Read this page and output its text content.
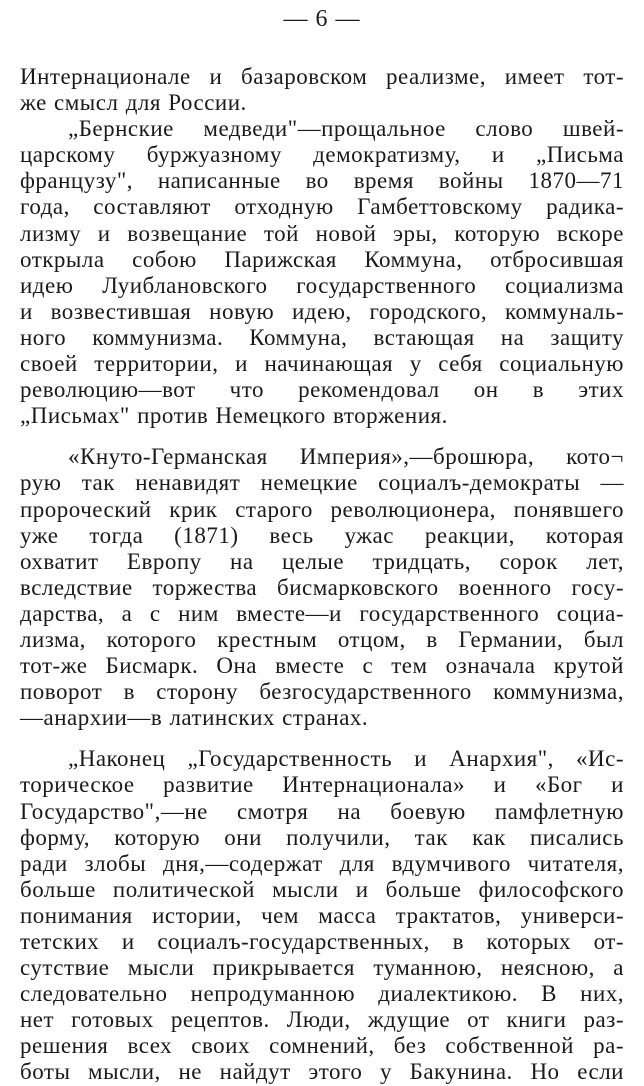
— 6 —
Интернационале и базаровском реализме, имеет тот-
же смысл для России.
„Бернские медведи"—прощальное слово швей-
царскому буржуазному демократизму, и „Письма
французу", написанные во время войны 1870—71
года, составляют отходную Гамбеттовскому радика-
лизму и возвещание той новой эры, которую вскоре
открыла собою Парижская Коммуна, отбросившая
идею Луиблановского государственного социализма
и возвестившая новую идею, городского, коммуналь-
ного коммунизма. Коммуна, встающая на защиту
своей территории, и начинающая у себя социальную
революцию—вот что рекомендовал он в этих
„Письмах" против Немецкого вторжения.
«Кнуто-Германская Империя»,—брошюра, кото¬
рую так ненавидят немецкие социалъ-демократы —
пророческий крик старого революционера, понявшего
уже тогда (1871) весь ужас реакции, которая
охватит Европу на целые тридцать, сорок лет,
вследствие торжества бисмарковского военного госу-
дарства, а с ним вместе—и государственного социа-
лизма, которого крестным отцом, в Германии, был
тот-же Бисмарк. Она вместе с тем означала крутой
поворот в сторону безгосударственного коммунизма,
—анархии—в латинских странах.
„Наконец „Государственность и Анархия", «Ис-
торическое развитие Интернационала» и «Бог и
Государство",—не смотря на боевую памфлетную
форму, которую они получили, так как писались
ради злобы дня,—содержат для вдумчивого читателя,
больше политической мысли и больше философского
понимания истории, чем масса трактатов, универси-
тетских и социалъ-государственных, в которых от-
сутствие мысли прикрывается туманною, неясною, а
следовательно непродуманною диалектикою. В них,
нет готовых рецептов. Люди, ждущие от книги раз-
решения всех своих сомнений, без собственной ра-
боты мысли, не найдут этого у Бакунина. Но если
